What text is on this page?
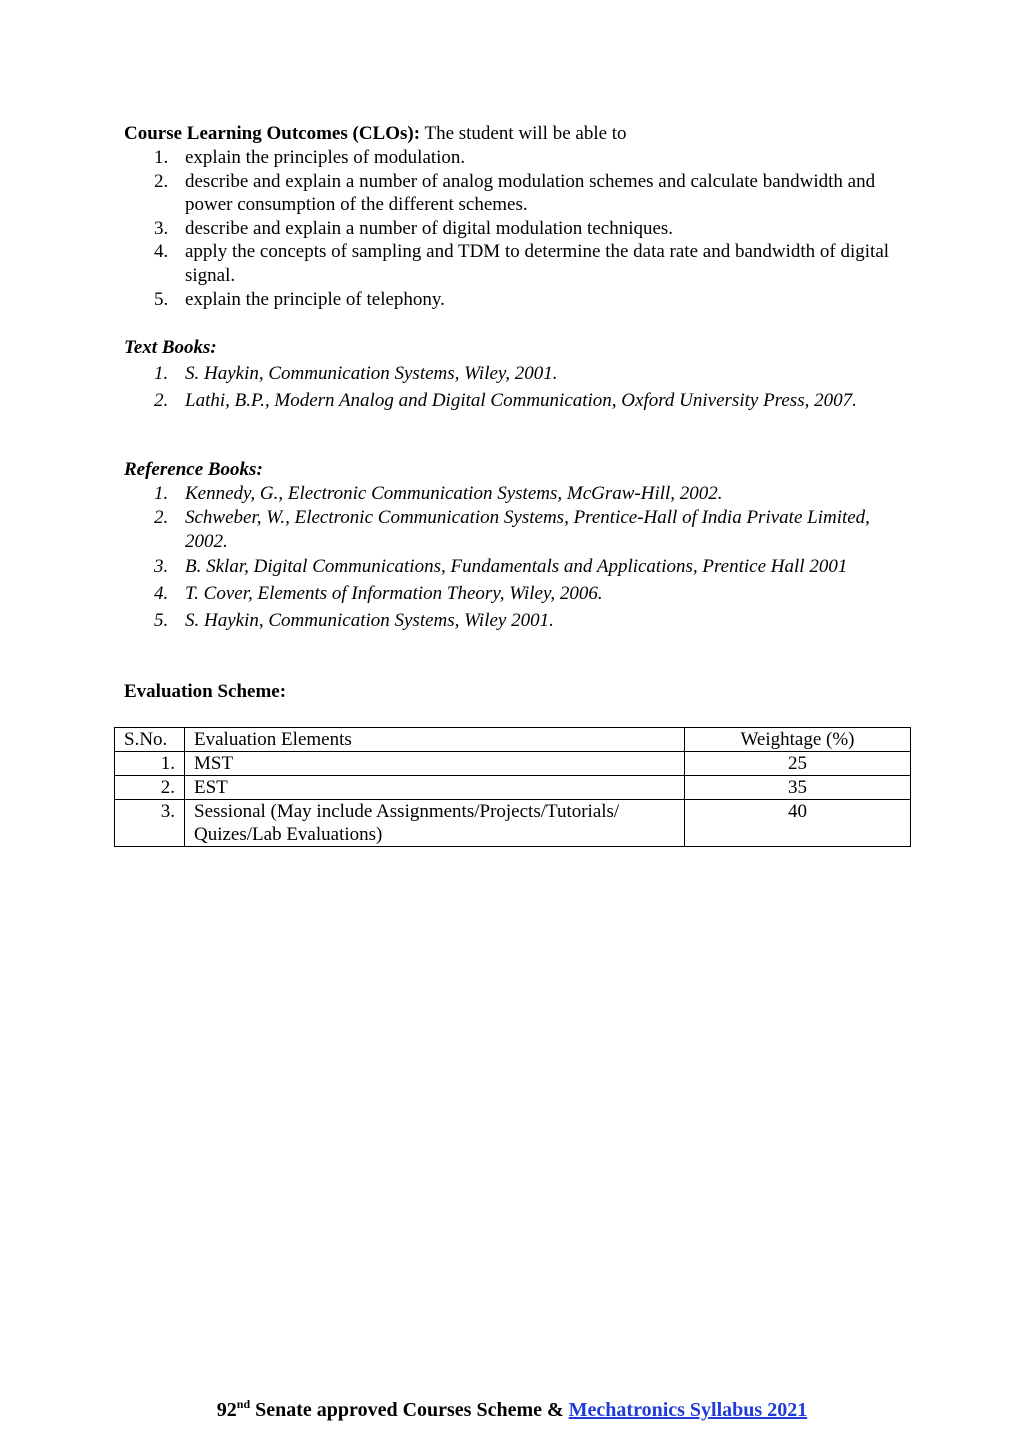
Course Learning Outcomes (CLOs): The student will be able to
1. explain the principles of modulation.
2. describe and explain a number of analog modulation schemes and calculate bandwidth and power consumption of the different schemes.
3. describe and explain a number of digital modulation techniques.
4. apply the concepts of sampling and TDM to determine the data rate and bandwidth of digital signal.
5. explain the principle of telephony.
Text Books:
1. S. Haykin, Communication Systems, Wiley, 2001.
2. Lathi, B.P., Modern Analog and Digital Communication, Oxford University Press, 2007.
Reference Books:
1. Kennedy, G., Electronic Communication Systems, McGraw-Hill, 2002.
2. Schweber, W., Electronic Communication Systems, Prentice-Hall of India Private Limited, 2002.
3. B. Sklar, Digital Communications, Fundamentals and Applications, Prentice Hall 2001
4. T. Cover, Elements of Information Theory, Wiley, 2006.
5. S. Haykin, Communication Systems, Wiley 2001.
Evaluation Scheme:
S.No.	Evaluation Elements	Weightage (%)
1.	MST	25
2.	EST	35
3.	Sessional (May include Assignments/Projects/Tutorials/ Quizes/Lab Evaluations)	40
92nd Senate approved Courses Scheme & Mechatronics Syllabus 2021
